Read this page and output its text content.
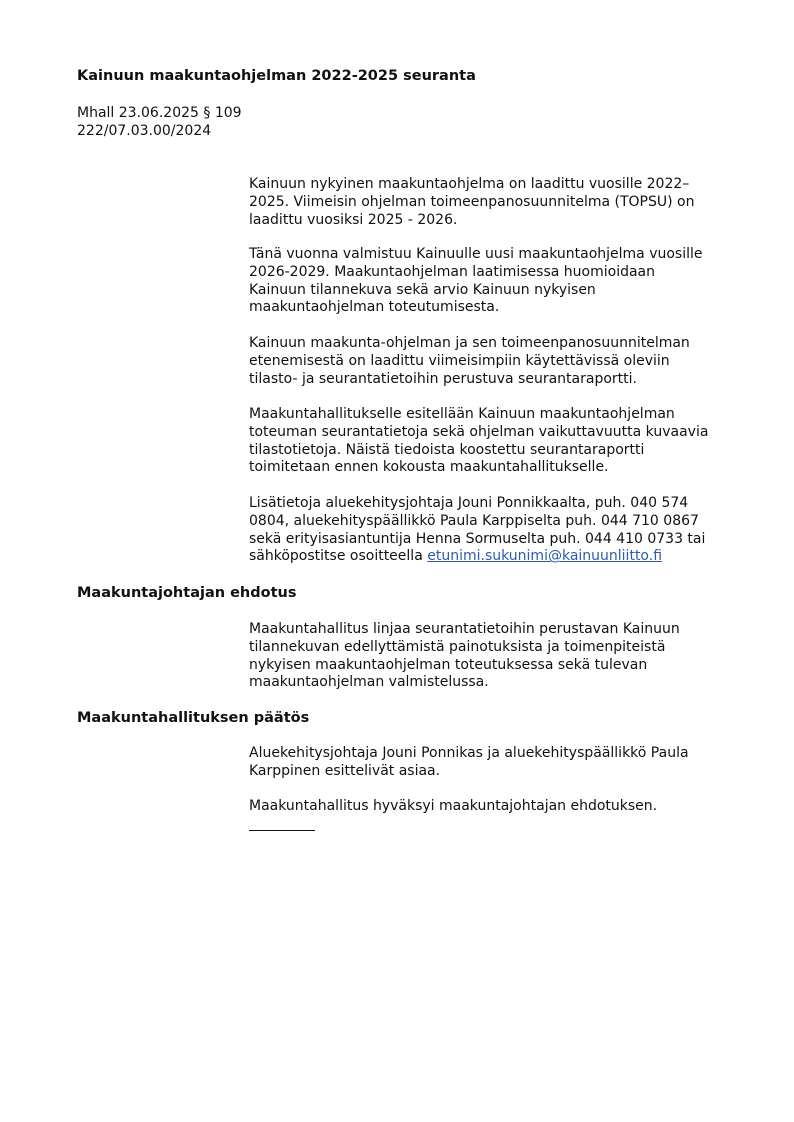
Kainuun maakuntaohjelman 2022-2025 seuranta
Mhall 23.06.2025 § 109
222/07.03.00/2024
Kainuun nykyinen maakuntaohjelma on laadittu vuosille 2022–
2025. Viimeisin ohjelman toimeenpanosuunnitelma (TOPSU) on
laadittu vuosiksi 2025 - 2026.
Tänä vuonna valmistuu Kainuulle uusi maakuntaohjelma vuosille
2026-2029. Maakuntaohjelman laatimisessa huomioidaan
Kainuun tilannekuva sekä arvio Kainuun nykyisen
maakuntaohjelman toteutumisesta.
Kainuun maakunta-ohjelman ja sen toimeenpanosuunnitelman
etenemisestä on laadittu viimeisimpiin käytettävissä oleviin
tilasto- ja seurantatietoihin perustuva seurantaraportti.
Maakuntahallitukselle esitellään Kainuun maakuntaohjelman
toteuman seurantatietoja sekä ohjelman vaikuttavuutta kuvaavia
tilastotietoja. Näistä tiedoista koostettu seurantaraportti
toimitetaan ennen kokousta maakuntahallitukselle.
Lisätietoja aluekehitysjohtaja Jouni Ponnikkaalta, puh. 040 574
0804, aluekehityspäällikkö Paula Karppiselta puh. 044 710 0867
sekä erityisasiantuntija Henna Sormuselta puh. 044 410 0733 tai
sähköpostitse osoitteella etunimi.sukunimi@kainuunliitto.fi
Maakuntajohtajan ehdotus
Maakuntahallitus linjaa seurantatietoihin perustavan Kainuun
tilannekuvan edellyttämistä painotuksista ja toimenpiteistä
nykyisen maakuntaohjelman toteutuksessa sekä tulevan
maakuntaohjelman valmistelussa.
Maakuntahallituksen päätös
Aluekehitysjohtaja Jouni Ponnikas ja aluekehityspäällikkö Paula
Karppinen esittelivät asiaa.
Maakuntahallitus hyväksyi maakuntajohtajan ehdotuksen.
